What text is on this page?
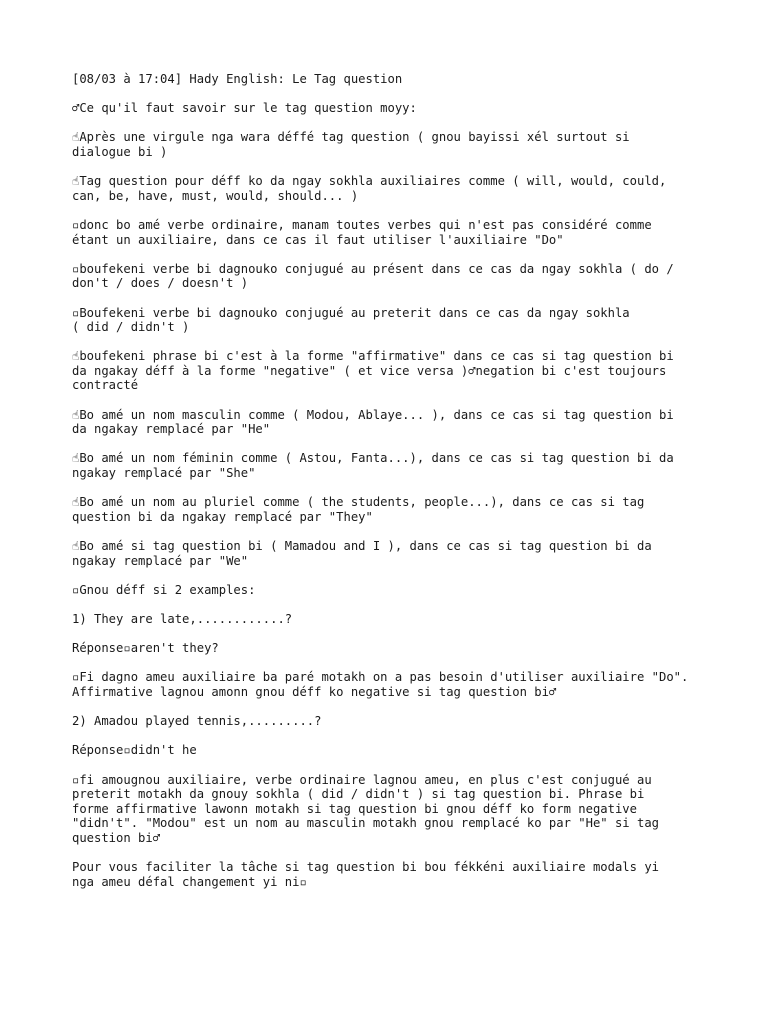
[08/03 à 17:04] Hady English: Le Tag question

♂Ce qu'il faut savoir sur le tag question moyy:

☝Après une virgule nga wara déffé tag question ( gnou bayissi xél surtout si
dialogue bi )

☝Tag question pour déff ko da ngay sokhla auxiliaires comme ( will, would, could,
can, be, have, must, would, should... )

▫donc bo amé verbe ordinaire, manam toutes verbes qui n'est pas considéré comme
étant un auxiliaire, dans ce cas il faut utiliser l'auxiliaire "Do"

▫boufekeni verbe bi dagnouko conjugué au présent dans ce cas da ngay sokhla ( do /
don't / does / doesn't )

▫Boufekeni verbe bi dagnouko conjugué au preterit dans ce cas da ngay sokhla
( did / didn't )

☝boufekeni phrase bi c'est à la forme "affirmative" dans ce cas si tag question bi
da ngakay déff à la forme "negative" ( et vice versa )♂negation bi c'est toujours
contracté

☝Bo amé un nom masculin comme ( Modou, Ablaye... ), dans ce cas si tag question bi
da ngakay remplacé par "He"

☝Bo amé un nom féminin comme ( Astou, Fanta...), dans ce cas si tag question bi da
ngakay remplacé par "She"

☝Bo amé un nom au pluriel comme ( the students, people...), dans ce cas si tag
question bi da ngakay remplacé par "They"

☝Bo amé si tag question bi ( Mamadou and I ), dans ce cas si tag question bi da
ngakay remplacé par "We"

▫Gnou déff si 2 examples:

1) They are late,............?

Réponse▫aren't they?

▫Fi dagno ameu auxiliaire ba paré motakh on a pas besoin d'utiliser auxiliaire "Do".
Affirmative lagnou amonn gnou déff ko negative si tag question bi♂

2) Amadou played tennis,.........?

Réponse▫didn't he

▫fi amougnou auxiliaire, verbe ordinaire lagnou ameu, en plus c'est conjugué au
preterit motakh da gnouy sokhla ( did / didn't ) si tag question bi. Phrase bi
forme affirmative lawonn motakh si tag question bi gnou déff ko form negative
"didn't". "Modou" est un nom au masculin motakh gnou remplacé ko par "He" si tag
question bi♂

Pour vous faciliter la tâche si tag question bi bou fékkéni auxiliaire modals yi
nga ameu défal changement yi ni▫
